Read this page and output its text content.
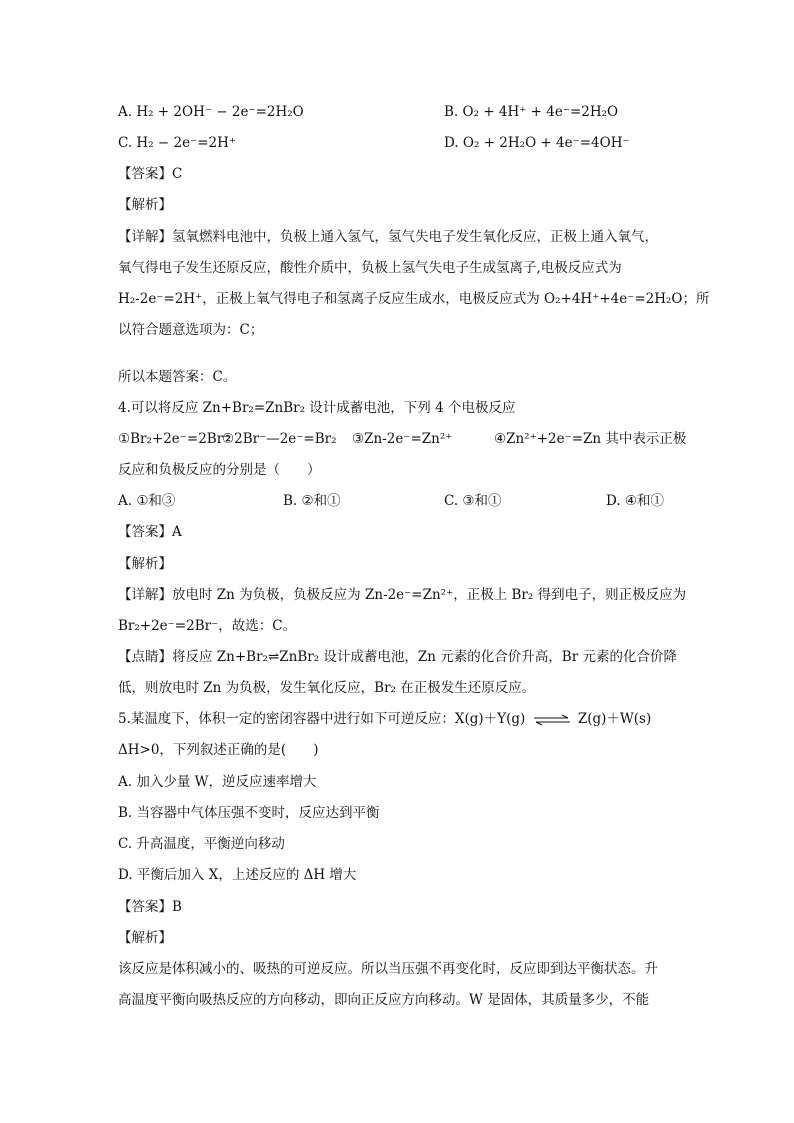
A. H₂ + 2OH⁻ − 2e⁻=2H₂O	B. O₂ + 4H⁺ + 4e⁻=2H₂O
C. H₂ − 2e⁻=2H⁺	D. O₂ + 2H₂O + 4e⁻=4OH⁻
【答案】C
【解析】
【详解】氢氧燃料电池中，负极上通入氢气，氢气失电子发生氧化反应，正极上通入氧气，
氧气得电子发生还原反应，酸性介质中，负极上氢气失电子生成氢离子,电极反应式为
H₂-2e⁻=2H⁺，正极上氧气得电子和氢离子反应生成水，电极反应式为 O₂+4H⁺+4e⁻=2H₂O；所
以符合题意选项为：C；
所以本题答案：C。
4.可以将反应 Zn+Br₂=ZnBr₂ 设计成蓄电池，下列 4 个电极反应
①Br₂+2e⁻=2Br⁻
②2Br⁻—2e⁻=Br₂ ③Zn-2e⁻=Zn²⁺	④Zn²⁺+2e⁻=Zn 其中表示正极
反应和负极反应的分别是（　　）
A. ①和③	B. ②和①	C. ③和①	D. ④和①
【答案】A
【解析】
【详解】放电时 Zn 为负极，负极反应为 Zn-2e⁻=Zn²⁺，正极上 Br₂ 得到电子，则正极反应为
Br₂+2e⁻=2Br⁻，故选：C。
【点睛】将反应 Zn+Br₂⇌ZnBr₂ 设计成蓄电池，Zn 元素的化合价升高，Br 元素的化合价降
低，则放电时 Zn 为负极，发生氧化反应，Br₂ 在正极发生还原反应。
5.某温度下，体积一定的密闭容器中进行如下可逆反应：X(g)＋Y(g) ⇌ Z(g)＋W(s)
ΔH>0，下列叙述正确的是(　　)
A. 加入少量 W，逆反应速率增大
B. 当容器中气体压强不变时，反应达到平衡
C. 升高温度，平衡逆向移动
D. 平衡后加入 X，上述反应的 ΔH 增大
【答案】B
【解析】
该反应是体积减小的、吸热的可逆反应。所以当压强不再变化时，反应即到达平衡状态。升
高温度平衡向吸热反应的方向移动，即向正反应方向移动。W 是固体，其质量多少，不能
